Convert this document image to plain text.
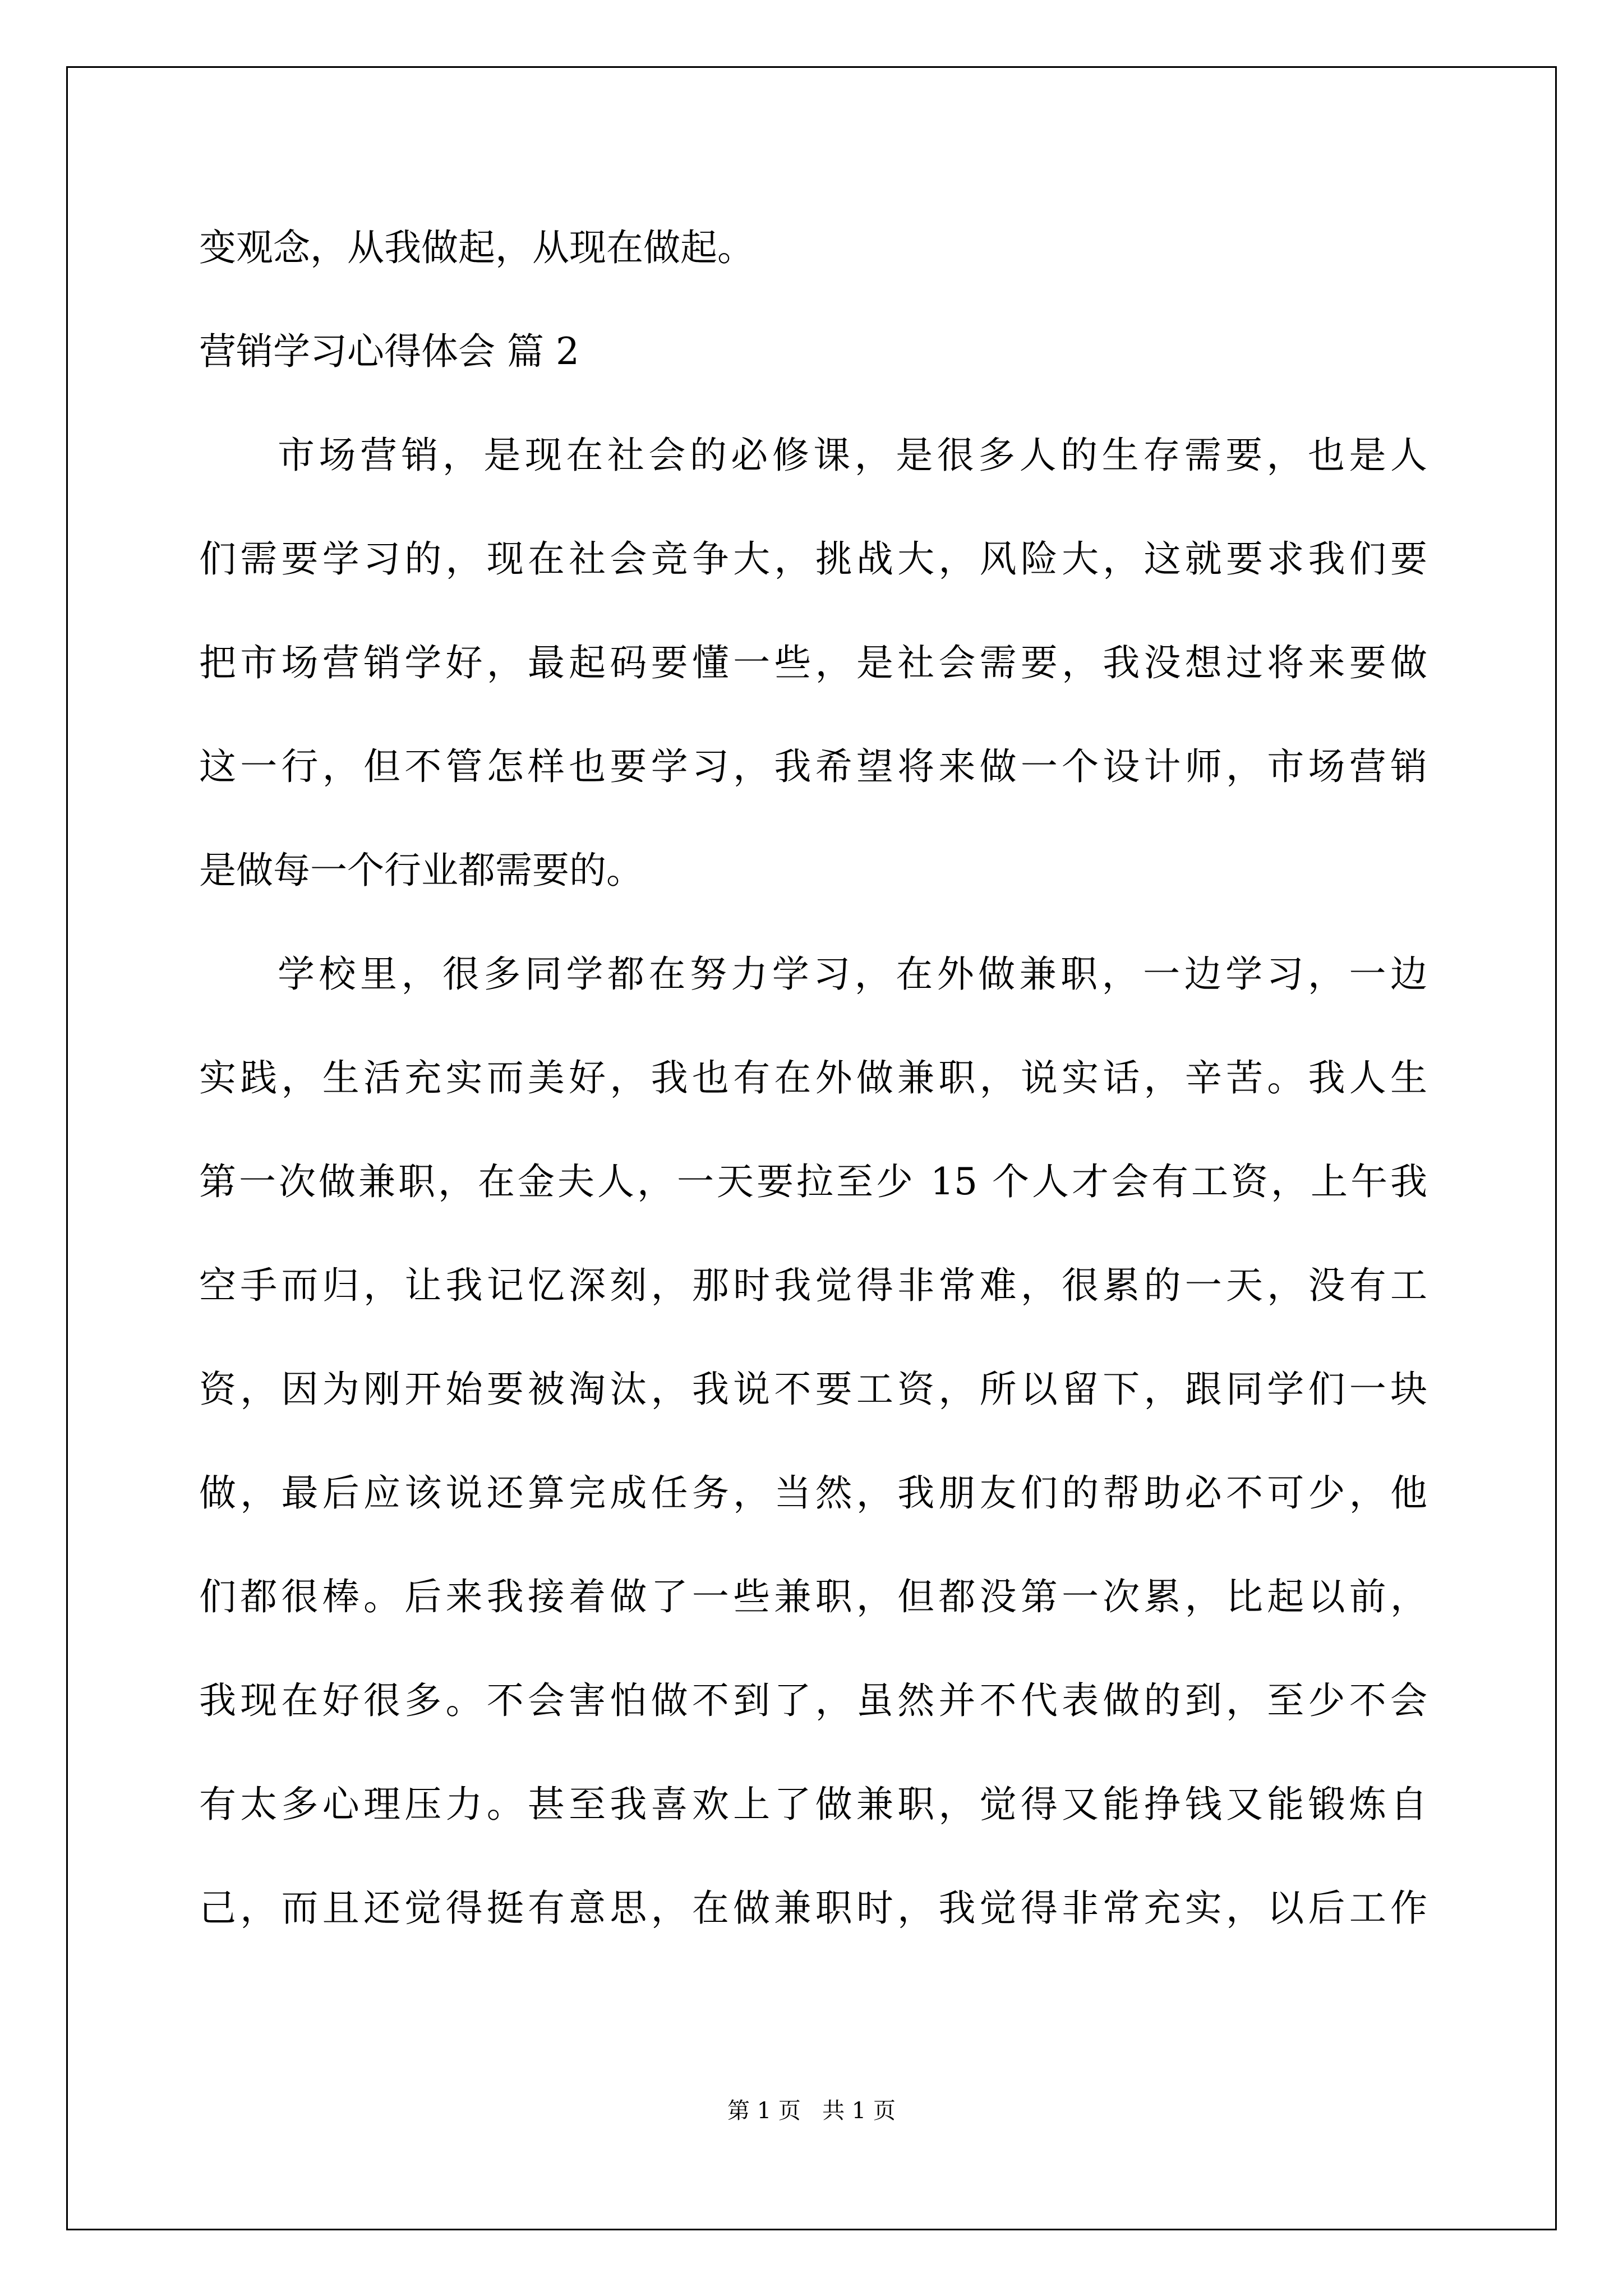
变观念，从我做起，从现在做起。
营销学习心得体会 篇 2
市场营销，是现在社会的必修课，是很多人的生存需要，也是人
们需要学习的，现在社会竞争大，挑战大，风险大，这就要求我们要
把市场营销学好，最起码要懂一些，是社会需要，我没想过将来要做
这一行，但不管怎样也要学习，我希望将来做一个设计师，市场营销
是做每一个行业都需要的。
学校里，很多同学都在努力学习，在外做兼职，一边学习，一边
实践，生活充实而美好，我也有在外做兼职，说实话，辛苦。我人生
第一次做兼职，在金夫人，一天要拉至少 15 个人才会有工资，上午我
空手而归，让我记忆深刻，那时我觉得非常难，很累的一天，没有工
资，因为刚开始要被淘汰，我说不要工资，所以留下，跟同学们一块
做，最后应该说还算完成任务，当然，我朋友们的帮助必不可少，他
们都很棒。后来我接着做了一些兼职，但都没第一次累，比起以前，
我现在好很多。不会害怕做不到了，虽然并不代表做的到，至少不会
有太多心理压力。甚至我喜欢上了做兼职，觉得又能挣钱又能锻炼自
己，而且还觉得挺有意思，在做兼职时，我觉得非常充实，以后工作
第 1 页   共 1 页
